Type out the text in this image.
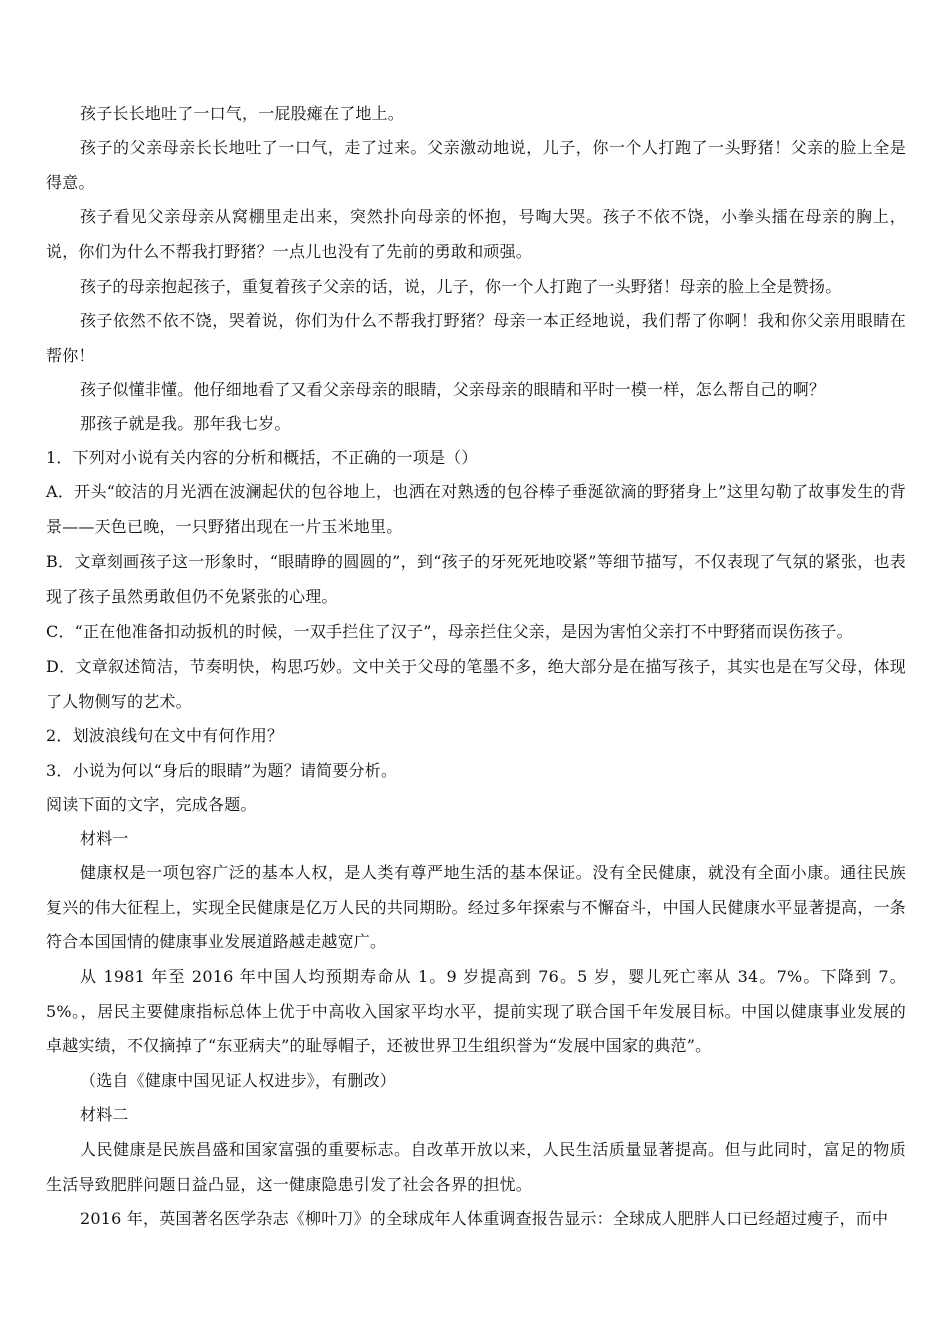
孩子长长地吐了一口气，一屁股瘫在了地上。

孩子的父亲母亲长长地吐了一口气，走了过来。父亲激动地说，儿子，你一个人打跑了一头野猪！父亲的脸上全是得意。

孩子看见父亲母亲从窝棚里走出来，突然扑向母亲的怀抱，号啕大哭。孩子不依不饶，小拳头擂在母亲的胸上，说，你们为什么不帮我打野猪？一点儿也没有了先前的勇敢和顽强。

孩子的母亲抱起孩子，重复着孩子父亲的话，说，儿子，你一个人打跑了一头野猪！母亲的脸上全是赞扬。

孩子依然不依不饶，哭着说，你们为什么不帮我打野猪？母亲一本正经地说，我们帮了你啊！我和你父亲用眼睛在帮你！

孩子似懂非懂。他仔细地看了又看父亲母亲的眼睛，父亲母亲的眼睛和平时一模一样，怎么帮自己的啊？

那孩子就是我。那年我七岁。

1．下列对小说有关内容的分析和概括，不正确的一项是（）

A．开头“皎洁的月光洒在波澜起伏的包谷地上，也洒在对熟透的包谷棒子垂涎欲滴的野猪身上”这里勾勒了故事发生的背景——天色已晚，一只野猪出现在一片玉米地里。

B．文章刻画孩子这一形象时，“眼睛睁的圆圆的”，到“孩子的牙死死地咬紧”等细节描写，不仅表现了气氛的紧张，也表现了孩子虽然勇敢但仍不免紧张的心理。

C．“正在他准备扣动扳机的时候，一双手拦住了汉子”，母亲拦住父亲，是因为害怕父亲打不中野猪而误伤孩子。

D．文章叙述简洁，节奏明快，构思巧妙。文中关于父母的笔墨不多，绝大部分是在描写孩子，其实也是在写父母，体现了人物侧写的艺术。

2．划波浪线句在文中有何作用？

3．小说为何以“身后的眼睛”为题？请简要分析。

阅读下面的文字，完成各题。

材料一

健康权是一项包容广泛的基本人权，是人类有尊严地生活的基本保证。没有全民健康，就没有全面小康。通往民族复兴的伟大征程上，实现全民健康是亿万人民的共同期盼。经过多年探索与不懈奋斗，中国人民健康水平显著提高，一条符合本国国情的健康事业发展道路越走越宽广。

从 1981 年至 2016 年中国人均预期寿命从 1。9 岁提高到 76。5 岁，婴儿死亡率从 34。7%。下降到 7。5%。，居民主要健康指标总体上优于中高收入国家平均水平，提前实现了联合国千年发展目标。中国以健康事业发展的卓越实绩，不仅摘掉了“东亚病夫”的耻辱帽子，还被世界卫生组织誉为“发展中国家的典范”。

（选自《健康中国见证人权进步》，有删改）

材料二

人民健康是民族昌盛和国家富强的重要标志。自改革开放以来，人民生活质量显著提高。但与此同时，富足的物质生活导致肥胖问题日益凸显，这一健康隐患引发了社会各界的担忧。

2016 年，英国著名医学杂志《柳叶刀》的全球成年人体重调查报告显示：全球成人肥胖人口已经超过瘦子，而中
